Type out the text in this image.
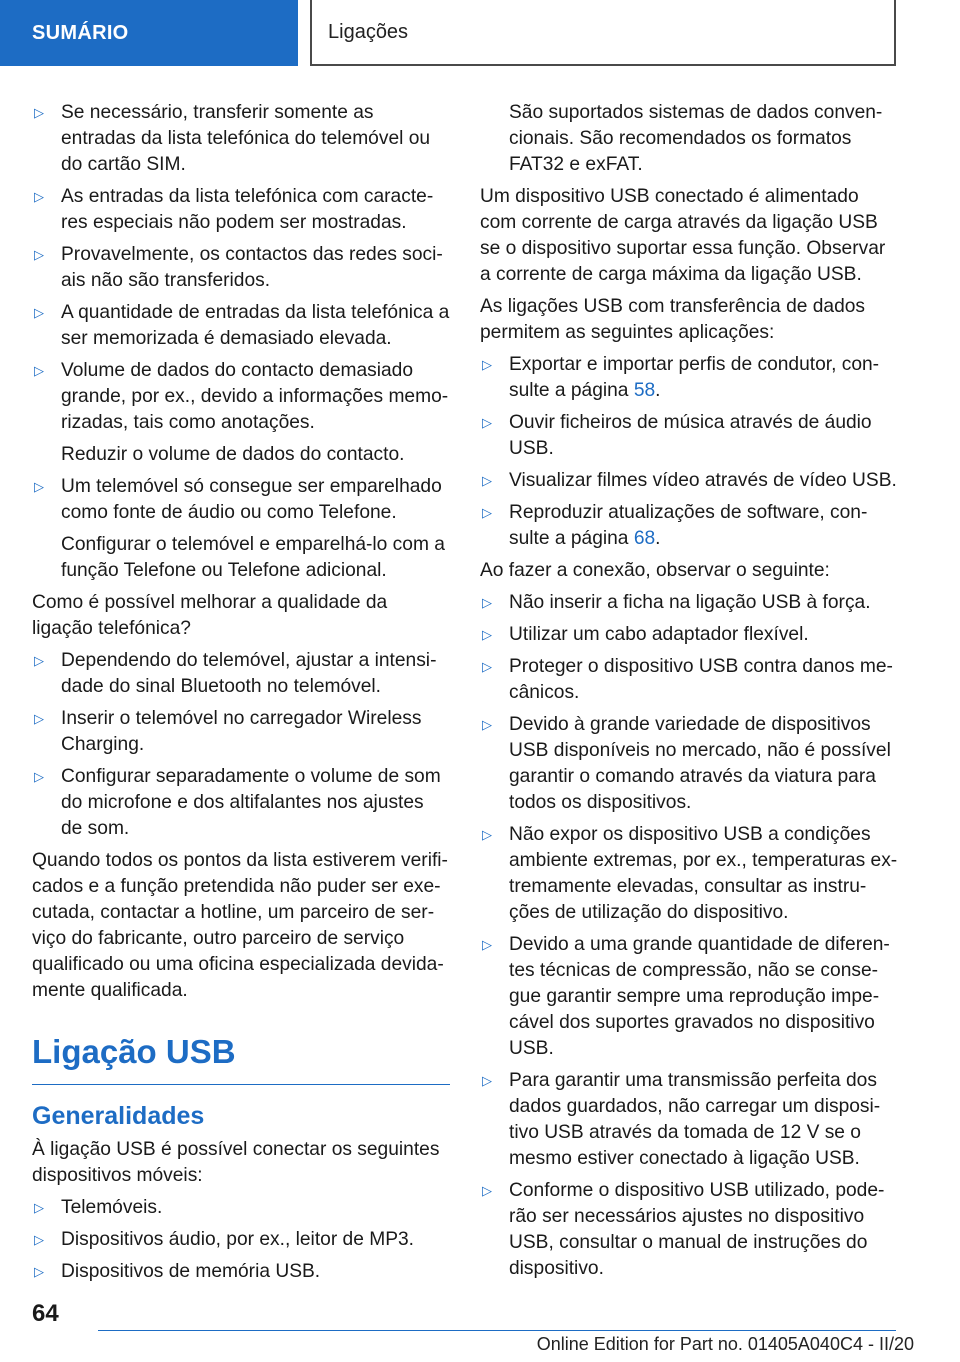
SUMÁRIO	Ligações
▷ Se necessário, transferir somente as entradas da lista telefónica do telemóvel ou do cartão SIM.
▷ As entradas da lista telefónica com caracte-res especiais não podem ser mostradas.
▷ Provavelmente, os contactos das redes soci-ais não são transferidos.
▷ A quantidade de entradas da lista telefónica a ser memorizada é demasiado elevada.
▷ Volume de dados do contacto demasiado grande, por ex., devido a informações memo-rizadas, tais como anotações.
Reduzir o volume de dados do contacto.
▷ Um telemóvel só consegue ser emparelhado como fonte de áudio ou como Telefone.
Configurar o telemóvel e emparelhá-lo com a função Telefone ou Telefone adicional.

Como é possível melhorar a qualidade da ligação telefónica?

▷ Dependendo do telemóvel, ajustar a intensi-dade do sinal Bluetooth no telemóvel.
▷ Inserir o telemóvel no carregador Wireless Charging.
▷ Configurar separadamente o volume de som do microfone e dos altifalantes nos ajustes de som.

Quando todos os pontos da lista estiverem verifi-cados e a função pretendida não puder ser exe-cutada, contactar a hotline, um parceiro de ser-viço do fabricante, outro parceiro de serviço qualificado ou uma oficina especializada devida-mente qualificada.

Ligação USB
Generalidades

À ligação USB é possível conectar os seguintes dispositivos móveis:

▷ Telemóveis.
▷ Dispositivos áudio, por ex., leitor de MP3.
▷ Dispositivos de memória USB.
São suportados sistemas de dados conven-cionais. São recomendados os formatos FAT32 e exFAT.

Um dispositivo USB conectado é alimentado com corrente de carga através da ligação USB se o dispositivo suportar essa função. Observar a corrente de carga máxima da ligação USB.

As ligações USB com transferência de dados permitem as seguintes aplicações:

▷ Exportar e importar perfis de condutor, con-sulte a página 58.
▷ Ouvir ficheiros de música através de áudio USB.
▷ Visualizar filmes vídeo através de vídeo USB.
▷ Reproduzir atualizações de software, con-sulte a página 68.

Ao fazer a conexão, observar o seguinte:

▷ Não inserir a ficha na ligação USB à força.
▷ Utilizar um cabo adaptador flexível.
▷ Proteger o dispositivo USB contra danos me-cânicos.
▷ Devido à grande variedade de dispositivos USB disponíveis no mercado, não é possível garantir o comando através da viatura para todos os dispositivos.
▷ Não expor os dispositivo USB a condições ambiente extremas, por ex., temperaturas ex-tremamente elevadas, consultar as instru-ções de utilização do dispositivo.
▷ Devido a uma grande quantidade de diferen-tes técnicas de compressão, não se conse-gue garantir sempre uma reprodução impe-cável dos suportes gravados no dispositivo USB.
▷ Para garantir uma transmissão perfeita dos dados guardados, não carregar um disposi-tivo USB através da tomada de 12 V se o mesmo estiver conectado à ligação USB.
▷ Conforme o dispositivo USB utilizado, pode-rão ser necessários ajustes no dispositivo USB, consultar o manual de instruções do dispositivo.
64
Online Edition for Part no. 01405A040C4 - II/20
